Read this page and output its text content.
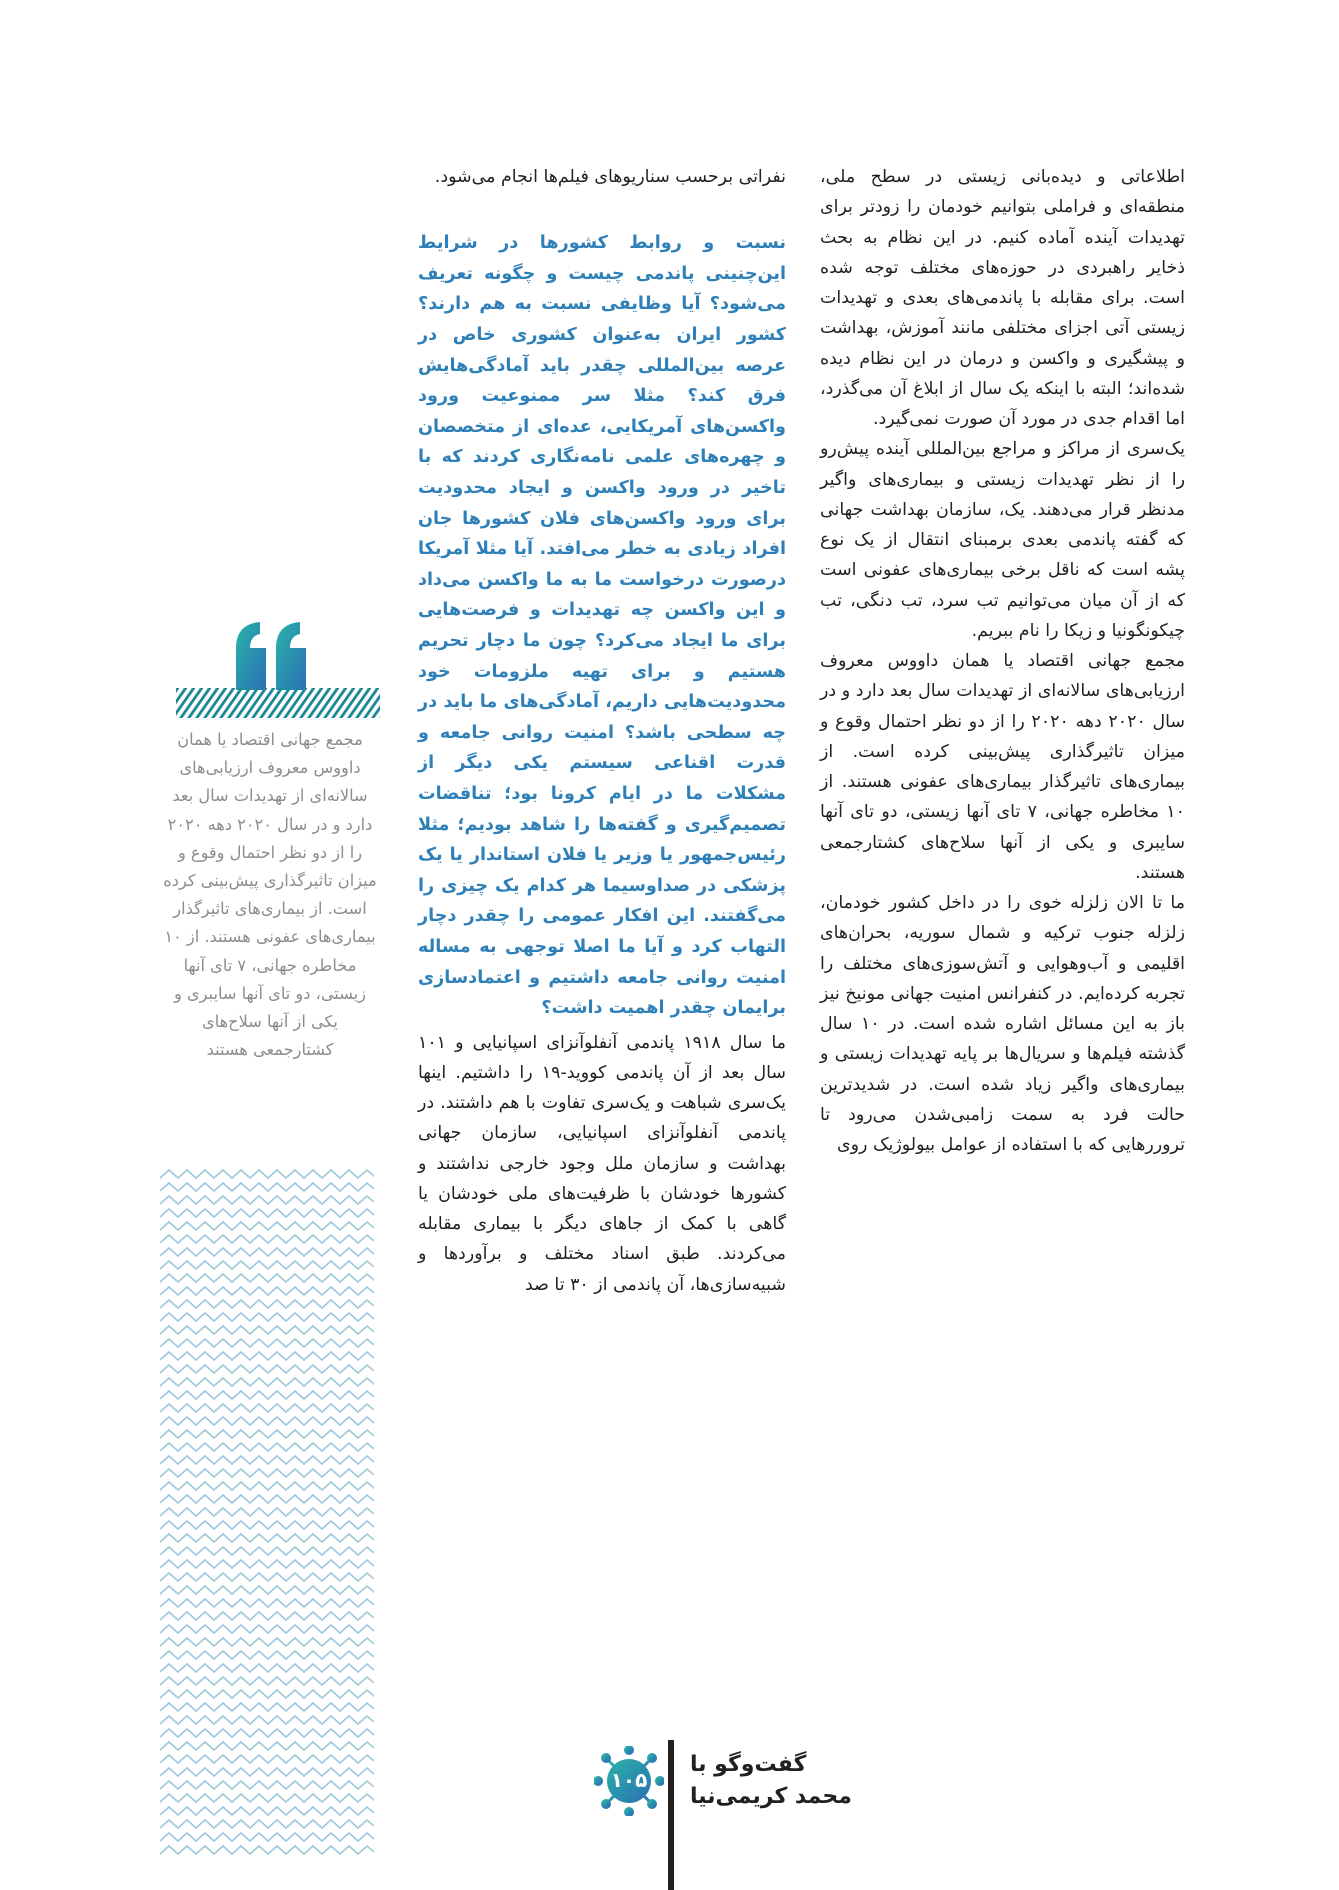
اطلاعاتی و دیده‌بانی زیستی در سطح ملی، منطقه‌ای و فراملی بتوانیم خودمان را زودتر برای تهدیدات آینده آماده کنیم. در این نظام به بحث ذخایر راهبردی در حوزه‌های مختلف توجه شده است. برای مقابله با پاندمی‌های بعدی و تهدیدات زیستی آتی اجزای مختلفی مانند آموزش، بهداشت و پیشگیری و واکسن و درمان در این نظام دیده شده‌اند؛ البته با اینکه یک سال از ابلاغ آن می‌گذرد، اما اقدام جدی در مورد آن صورت نمی‌گیرد.

یک‌سری از مراکز و مراجع بین‌المللی آینده پیش‌رو را از نظر تهدیدات زیستی و بیماری‌های واگیر مدنظر قرار می‌دهند. یک، سازمان بهداشت جهانی که گفته پاندمی بعدی برمبنای انتقال از یک نوع پشه است که ناقل برخی بیماری‌های عفونی است که از آن میان می‌توانیم تب سرد، تب دنگی، تب چیکونگونیا و زیکا را نام ببریم.

مجمع جهانی اقتصاد یا همان داووس معروف ارزیابی‌های سالانه‌ای از تهدیدات سال بعد دارد و در سال ۲۰۲۰ دهه ۲۰۲۰ را از دو نظر احتمال وقوع و میزان تاثیرگذاری پیش‌بینی کرده است. از بیماری‌های تاثیرگذار بیماری‌های عفونی هستند. از ۱۰ مخاطره جهانی، ۷ تای آنها زیستی، دو تای آنها سایبری و یکی از آنها سلاح‌های کشتارجمعی هستند.

ما تا الان زلزله خوی را در داخل کشور خودمان، زلزله جنوب ترکیه و شمال سوریه، بحران‌های اقلیمی و آب‌وهوایی و آتش‌سوزی‌های مختلف را تجربه کرده‌ایم. در کنفرانس امنیت جهانی مونیخ نیز باز به این مسائل اشاره شده است. در ۱۰ سال گذشته فیلم‌ها و سریال‌ها بر پایه تهدیدات زیستی و بیماری‌های واگیر زیاد شده است. در شدیدترین حالت فرد به سمت زامبی‌شدن می‌رود تا تروررهایی که با استفاده از عوامل بیولوژیک روی

نفراتی برحسب سناریوهای فیلم‌ها انجام می‌شود.

نسبت و روابط کشورها در شرایط این‌چنینی پاندمی چیست و چگونه تعریف می‌شود؟ آیا وظایفی نسبت به هم دارند؟ کشور ایران به‌عنوان کشوری خاص در عرصه بین‌المللی چقدر باید آمادگی‌هایش فرق کند؟ مثلا سر ممنوعیت ورود واکسن‌های آمریکایی، عده‌ای از متخصصان و چهره‌های علمی نامه‌نگاری کردند که با تاخیر در ورود واکسن و ایجاد محدودیت برای ورود واکسن‌های فلان کشورها جان افراد زیادی به خطر می‌افتد. آیا مثلا آمریکا درصورت درخواست ما به ما واکسن می‌داد و این واکسن چه تهدیدات و فرصت‌هایی برای ما ایجاد می‌کرد؟ چون ما دچار تحریم هستیم و برای تهیه ملزومات خود محدودیت‌هایی داریم، آمادگی‌های ما باید در چه سطحی باشد؟ امنیت روانی جامعه و قدرت اقناعی سیستم یکی دیگر از مشکلات ما در ایام کرونا بود؛ تناقضات تصمیم‌گیری و گفته‌ها را شاهد بودیم؛ مثلا رئیس‌جمهور یا وزیر یا فلان استاندار یا یک پزشکی در صداوسیما هر کدام یک چیزی را می‌گفتند. این افکار عمومی را چقدر دچار التهاب کرد و آیا ما اصلا توجهی به مساله امنیت روانی جامعه داشتیم و اعتمادسازی برایمان چقدر اهمیت داشت؟

ما سال ۱۹۱۸ پاندمی آنفلوآنزای اسپانیایی و ۱۰۱ سال بعد از آن پاندمی کووید-۱۹ را داشتیم. اینها یک‌سری شباهت و یک‌سری تفاوت با هم داشتند. در پاندمی آنفلوآنزای اسپانیایی، سازمان جهانی بهداشت و سازمان ملل وجود خارجی نداشتند و کشورها خودشان با ظرفیت‌های ملی خودشان یا گاهی با کمک از جاهای دیگر با بیماری مقابله می‌کردند. طبق اسناد مختلف و برآوردها و شبیه‌سازی‌ها، آن پاندمی از ۳۰ تا صد

مجمع جهانی اقتصاد یا همان داووس معروف ارزیابی‌های سالانه‌ای از تهدیدات سال بعد دارد و در سال ۲۰۲۰ دهه ۲۰۲۰ را از دو نظر احتمال وقوع و میزان تاثیرگذاری پیش‌بینی کرده است. از بیماری‌های تاثیرگذار بیماری‌های عفونی هستند. از ۱۰ مخاطره جهانی، ۷ تای آنها زیستی، دو تای آنها سایبری و یکی از آنها سلاح‌های کشتارجمعی هستند

گفت‌وگو با
محمد کریمی‌نیا
۱۰۵
